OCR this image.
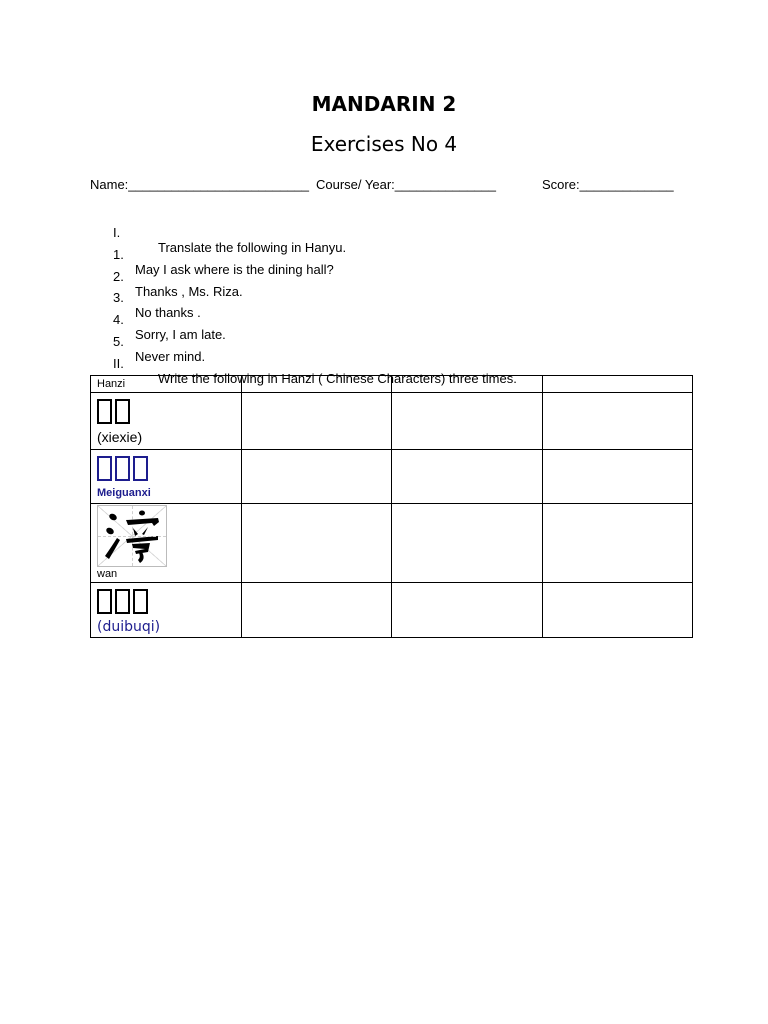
MANDARIN 2
Exercises No 4
Name:_________________________ Course/ Year:______________	Score:_____________

I.

Translate the following in Hanyu.

1.

May I ask where is the dining hall?

2.

Thanks , Ms. Riza.

3.

No thanks .

4.

Sorry, I am late.

5.

Never mind.

II.

Write the following in Hanzi ( Chinese Characters) three times.

Hanzi			

(xiexie)			

Meiguanxi			

wan			

(duibuqi)			
